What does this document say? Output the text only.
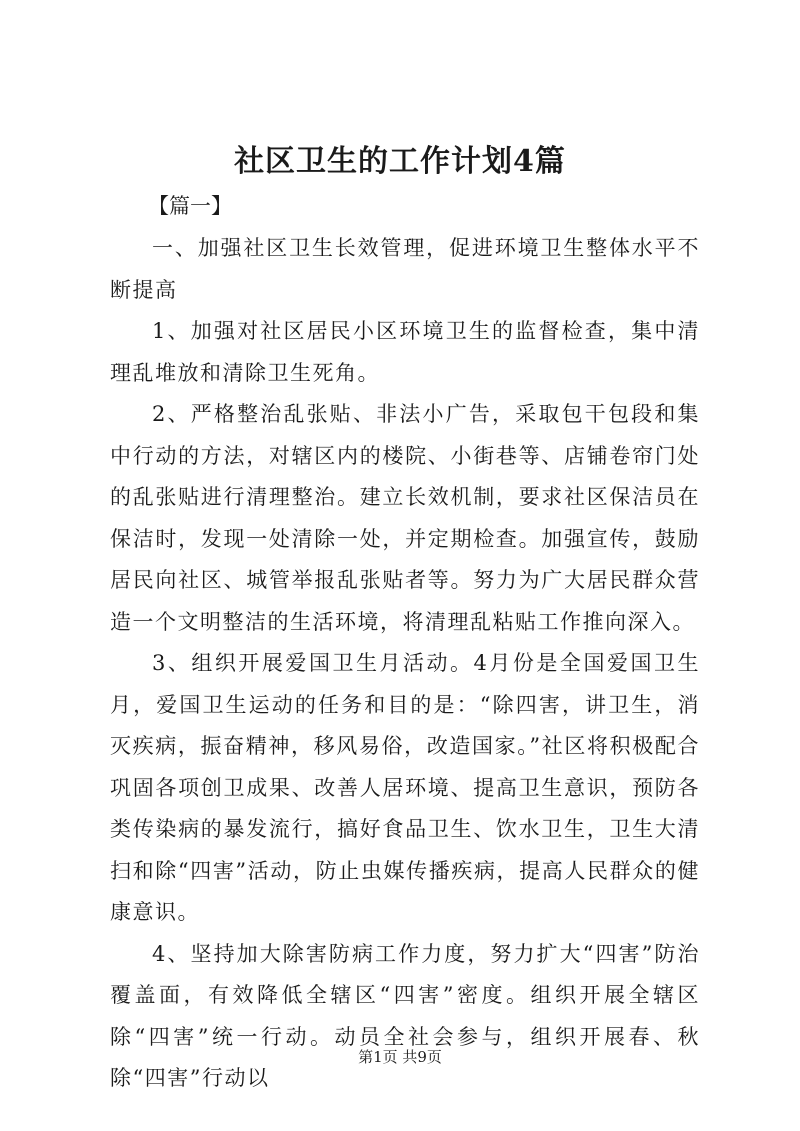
社区卫生的工作计划4篇
【篇一】

一、加强社区卫生长效管理，促进环境卫生整体水平不断提高

1、加强对社区居民小区环境卫生的监督检查，集中清理乱堆放和清除卫生死角。

2、严格整治乱张贴、非法小广告，采取包干包段和集中行动的方法，对辖区内的楼院、小街巷等、店铺卷帘门处的乱张贴进行清理整治。建立长效机制，要求社区保洁员在保洁时，发现一处清除一处，并定期检查。加强宣传，鼓励居民向社区、城管举报乱张贴者等。努力为广大居民群众营造一个文明整洁的生活环境，将清理乱粘贴工作推向深入。

3、组织开展爱国卫生月活动。4月份是全国爱国卫生月，爱国卫生运动的任务和目的是：“除四害，讲卫生，消灭疾病，振奋精神，移风易俗，改造国家。”社区将积极配合巩固各项创卫成果、改善人居环境、提高卫生意识，预防各类传染病的暴发流行，搞好食品卫生、饮水卫生，卫生大清扫和除“四害”活动，防止虫媒传播疾病，提高人民群众的健康意识。

4、坚持加大除害防病工作力度，努力扩大“四害”防治覆盖面，有效降低全辖区“四害”密度。组织开展全辖区除“四害”统一行动。动员全社会参与，组织开展春、秋除“四害”行动以

第1页 共9页
